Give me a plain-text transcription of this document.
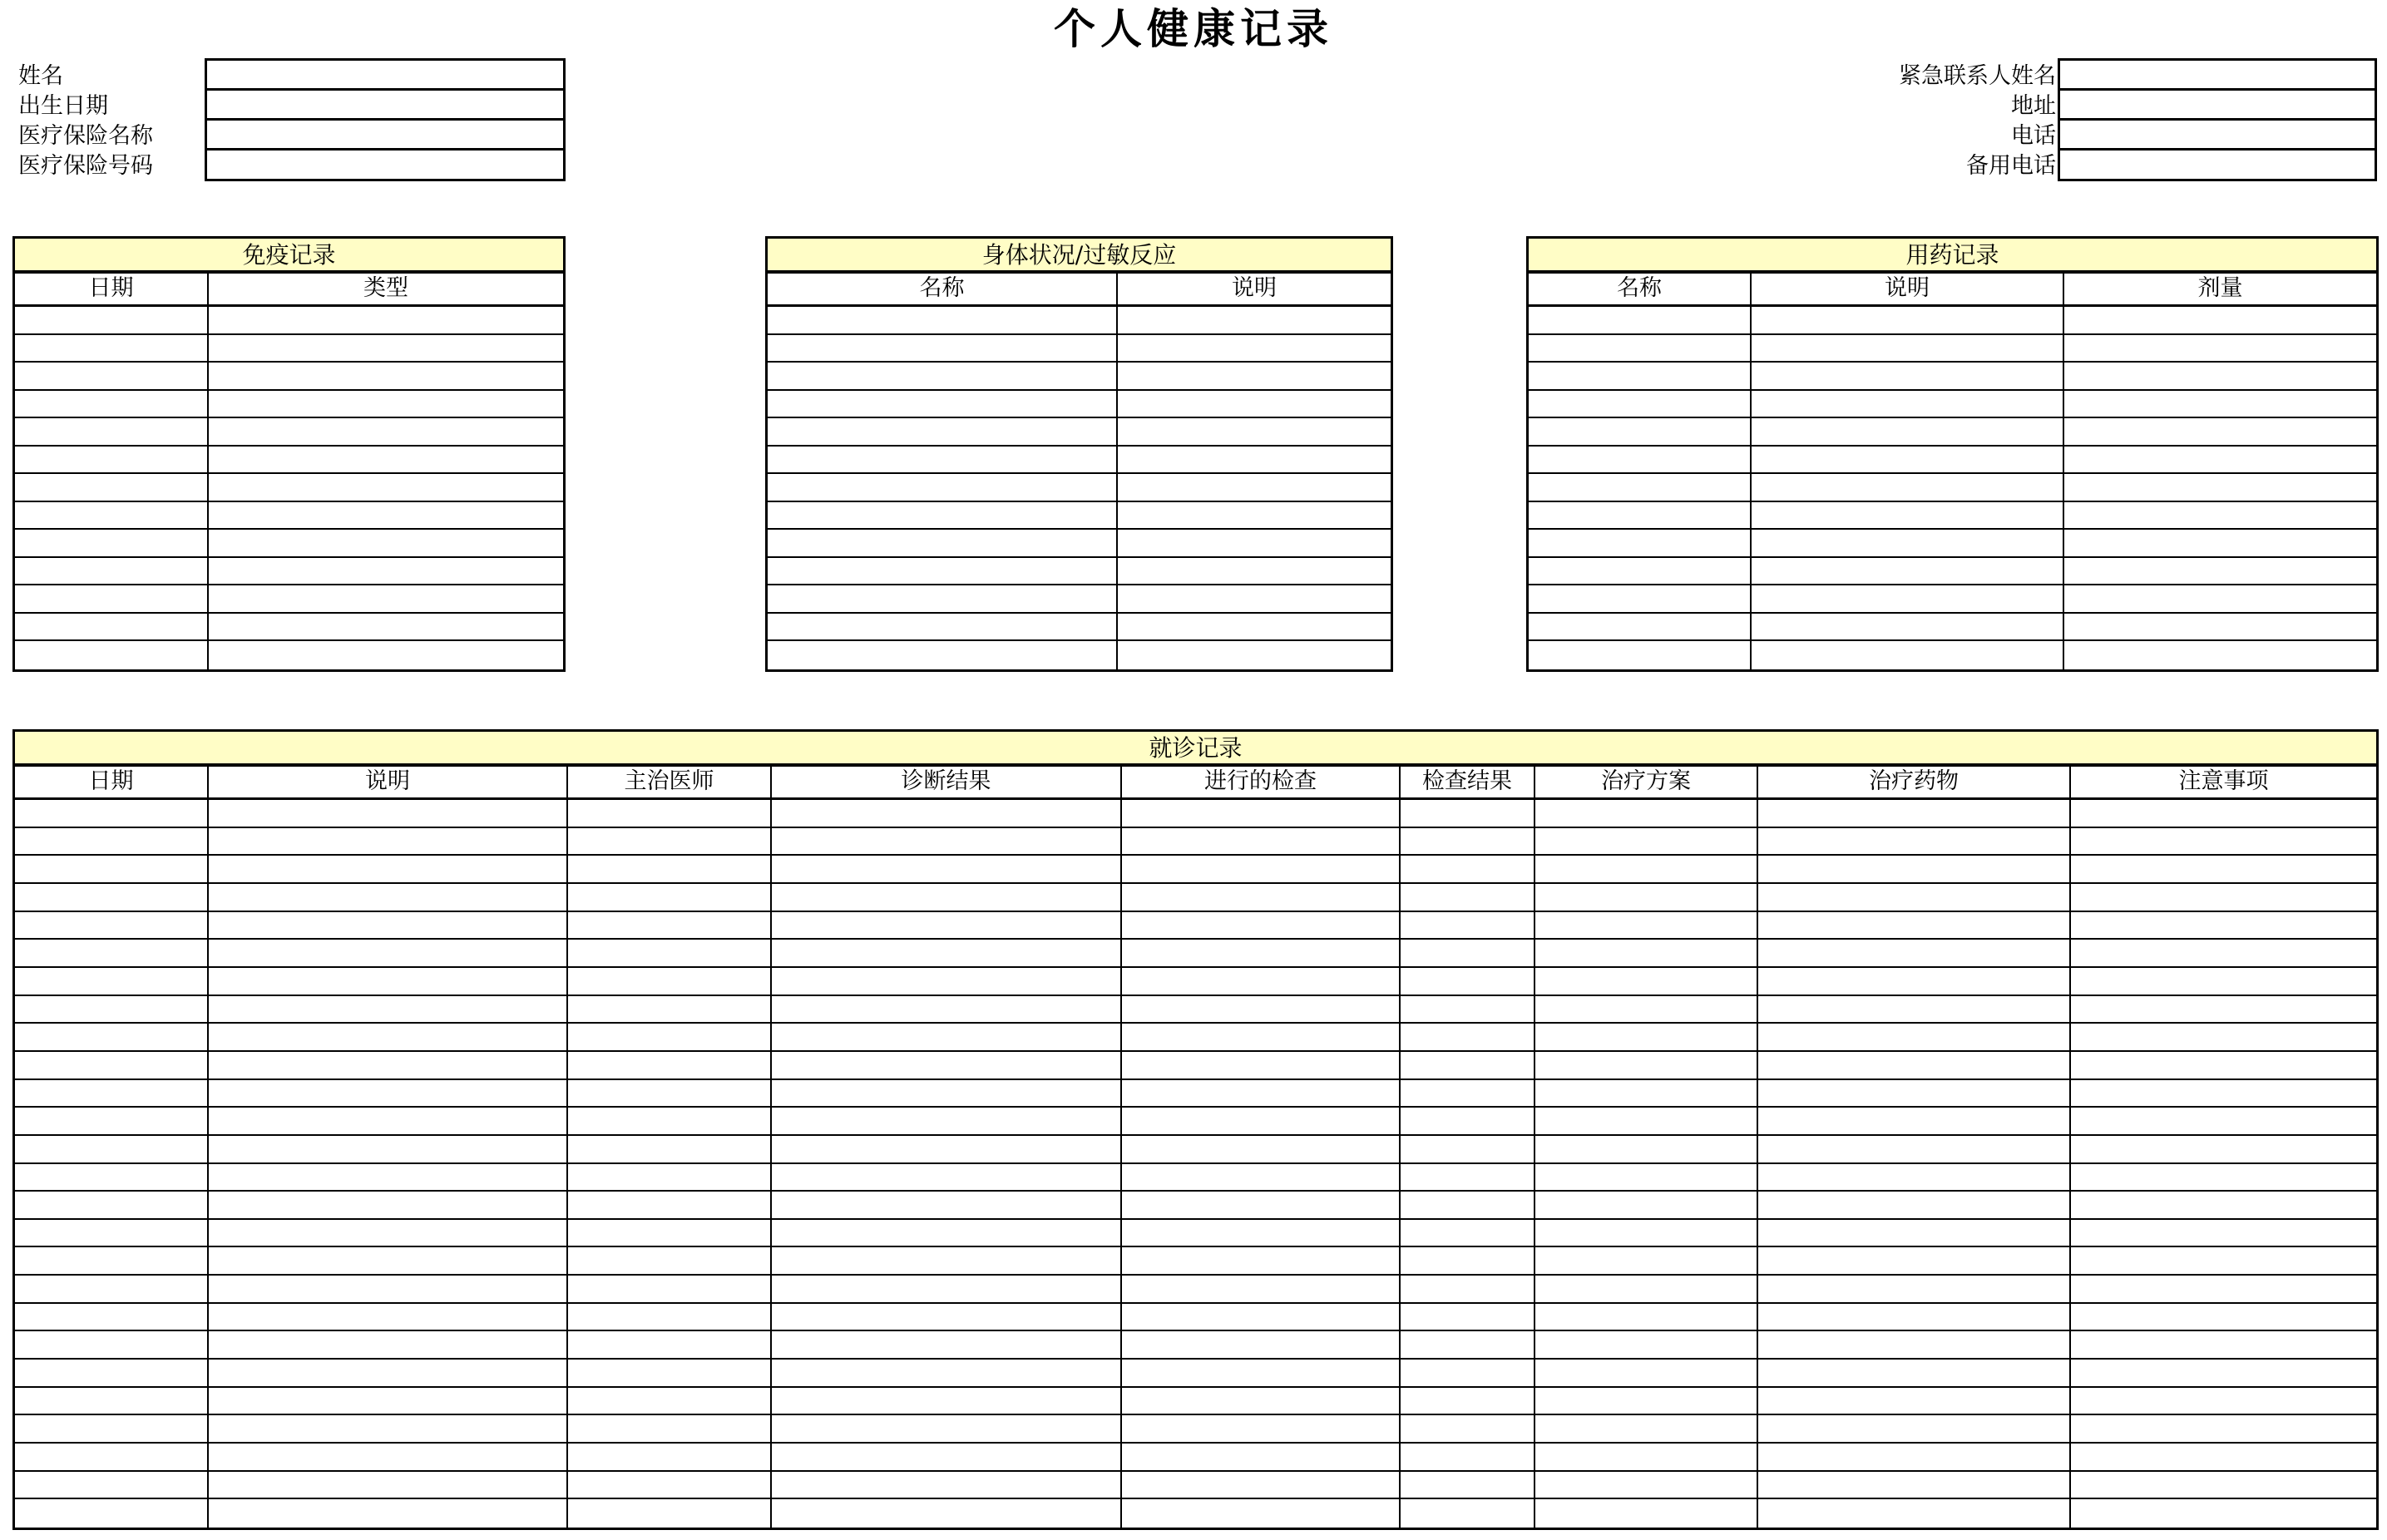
个人健康记录
姓名
出生日期
医疗保险名称
医疗保险号码
紧急联系人姓名
地址
电话
备用电话
免疫记录
日期	类型
身体状况/过敏反应
名称	说明
用药记录
名称	说明	剂量
就诊记录
日期	说明	主治医师	诊断结果	进行的检查	检查结果	治疗方案	治疗药物	注意事项
